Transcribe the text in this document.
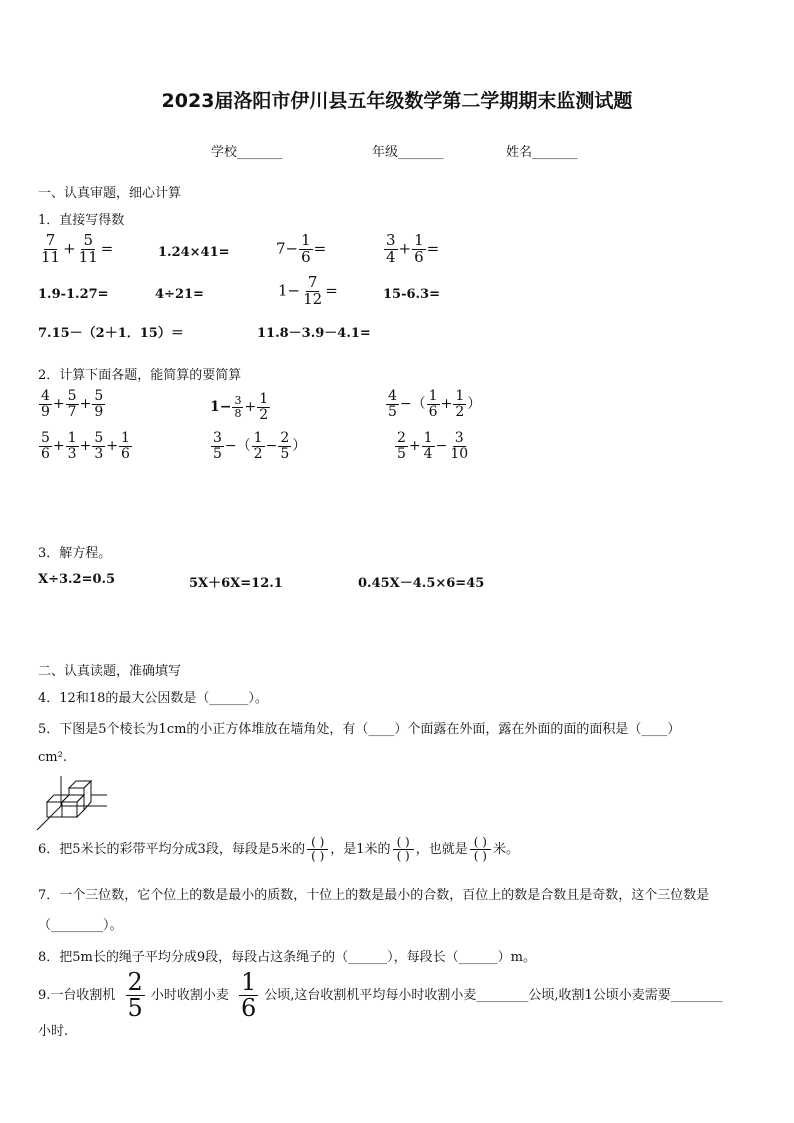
2023届洛阳市伊川县五年级数学第二学期期末监测试题
学校_______	年级_______	姓名_______
一、认真审题，细心计算
1．直接写得数
$\frac{7}{11} + \frac{5}{11}$ =	1.24×41=	$7- \frac{1}{6}$ =	$\frac{3}{4} + \frac{1}{6}$ =
1.9-1.27=	4÷21=	$1- \frac{7}{12}$ =	15-6.3=
7.15－（2＋1．15）＝	11.8－3.9－4.1=
2．计算下面各题，能简算的要简算
$\frac{4}{9} + \frac{5}{7} + \frac{5}{9}$	$1- \frac{3}{8} + \frac{1}{2}$	$\frac{4}{5}$ −（ $\frac{1}{6} + \frac{1}{2}$ ）
$\frac{5}{6} + \frac{1}{3} + \frac{5}{3} + \frac{1}{6}$	$\frac{3}{5}$ −（ $\frac{1}{2} - \frac{2}{5}$ ）	$\frac{2}{5} + \frac{1}{4} - \frac{3}{10}$
3．解方程。
X÷3.2=0.5	5X＋6X=12.1	0.45X－4.5×6=45
二、认真读题，准确填写
4．12和18的最大公因数是（______）。
5．下图是5个棱长为1cm的小正方体堆放在墙角处，有（____）个面露在外面，露在外面的面的面积是（____）
cm².
6．把5米长的彩带平均分成3段，每段是5米的
( )
( ) ，是1米的
( )
( ) ，也就是
( )
( ) 米。
7．一个三位数，它个位上的数是最小的质数，十位上的数是最小的合数，百位上的数是合数且是奇数，这个三位数是
（________）。
8．把5m长的绳子平均分成9段，每段占这条绳子的（______），每段长（______）m。
9.一台收割机 $\frac{2}{5}$ 小时收割小麦 $\frac{1}{6}$ 公顷,这台收割机平均每小时收割小麦________公顷,收割1公顷小麦需要________
小时.
